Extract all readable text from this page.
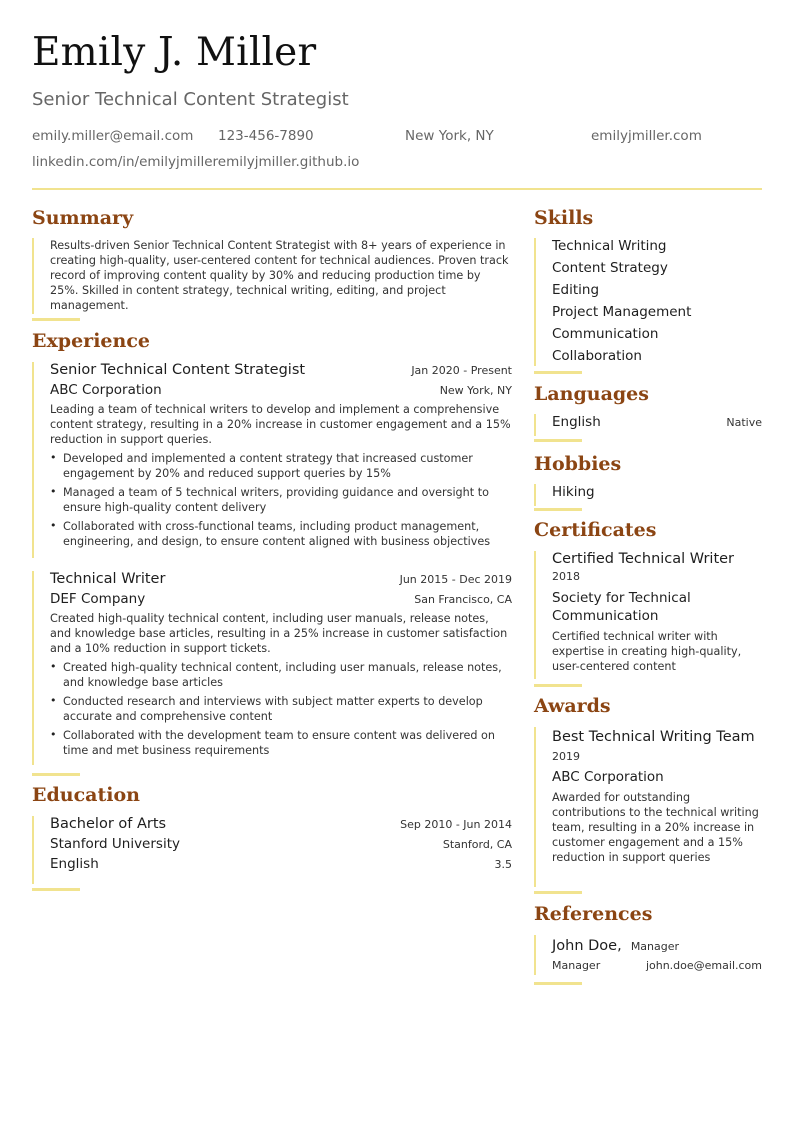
Emily J. Miller
Senior Technical Content Strategist
emily.miller@email.com 123-456-7890	New York, NY	emilyjmiller.com
linkedin.com/in/emilyjmilleremilyjmiller.github.io
Summary

Results-driven Senior Technical Content Strategist with 8+ years of experience in creating high-quality, user-centered content for technical audiences. Proven track record of improving content quality by 30% and reducing production time by 25%. Skilled in content strategy, technical writing, editing, and project management.

Experience
Senior Technical Content Strategist	Jan 2020 - Present
ABC Corporation	New York, NY

Leading a team of technical writers to develop and implement a comprehensive content strategy, resulting in a 20% increase in customer engagement and a 15% reduction in support queries.

• Developed and implemented a content strategy that increased customer engagement by 20% and reduced support queries by 15%

• Managed a team of 5 technical writers, providing guidance and oversight to ensure high-quality content delivery

• Collaborated with cross-functional teams, including product management, engineering, and design, to ensure content aligned with business objectives

Technical Writer	Jun 2015 - Dec 2019
DEF Company	San Francisco, CA

Created high-quality technical content, including user manuals, release notes, and knowledge base articles, resulting in a 25% increase in customer satisfaction and a 10% reduction in support tickets.

• Created high-quality technical content, including user manuals, release notes, and knowledge base articles

• Conducted research and interviews with subject matter experts to develop accurate and comprehensive content

• Collaborated with the development team to ensure content was delivered on time and met business requirements

Education
Bachelor of Arts	Sep 2010 - Jun 2014
Stanford University	Stanford, CA
English	3.5
Skills
Technical Writing
Content Strategy
Editing
Project Management
Communication
Collaboration
Languages
English	Native
Hobbies
Hiking
Certificates
Certified Technical Writer
2018
Society for Technical Communication

Certified technical writer with expertise in creating high-quality, user-centered content

Awards
Best Technical Writing Team
2019
ABC Corporation

Awarded for outstanding contributions to the technical writing team, resulting in a 20% increase in customer engagement and a 15% reduction in support queries

References
John Doe, Manager
Manager	john.doe@email.com
